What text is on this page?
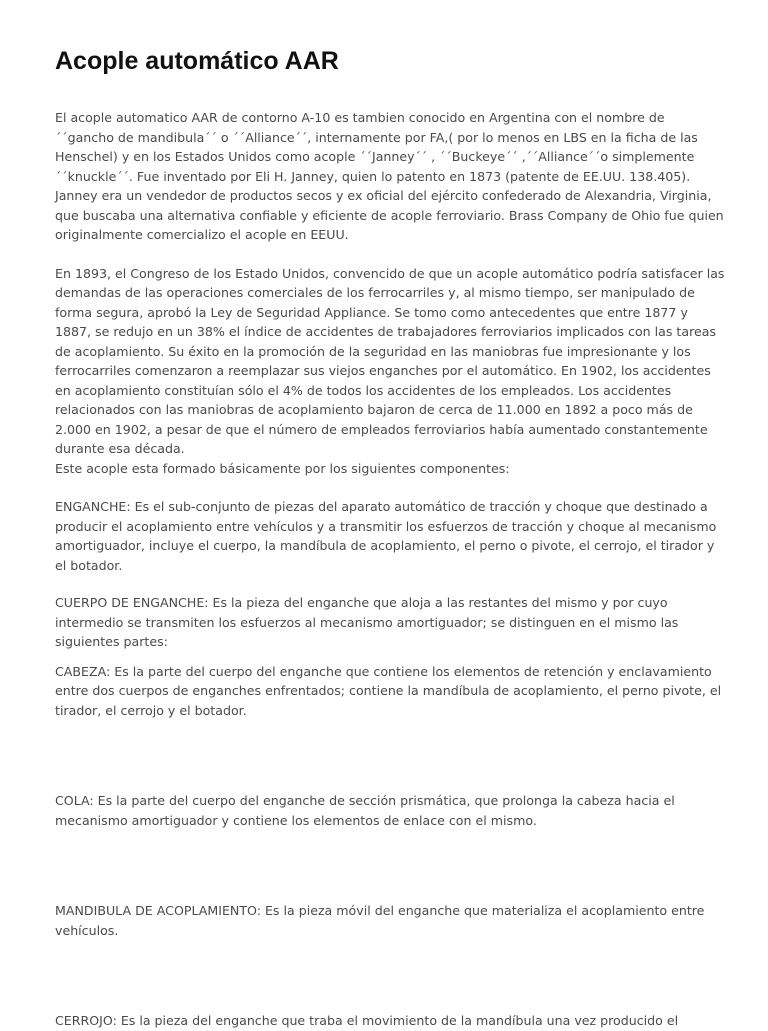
Acople automático AAR

El acople automatico AAR de contorno A-10 es tambien conocido en Argentina con el nombre de ´´gancho de mandibula´´ o ´´Alliance´´, internamente por FA,( por lo menos en LBS en la ficha de las Henschel) y en los Estados Unidos como acople ´´Janney´´ , ´´Buckeye´´ ,´´Alliance´´o simplemente ´´knuckle´´. Fue inventado por Eli H. Janney, quien lo patento en 1873 (patente de EE.UU. 138.405). Janney era un vendedor de productos secos y ex oficial del ejército confederado de Alexandria, Virginia, que buscaba una alternativa confiable y eficiente de acople ferroviario. Brass Company de Ohio fue quien originalmente comercializo el acople en EEUU.

En 1893, el Congreso de los Estado Unidos, convencido de que un acople automático podría satisfacer las demandas de las operaciones comerciales de los ferrocarriles y, al mismo tiempo, ser manipulado de forma segura, aprobó la Ley de Seguridad Appliance. Se tomo como antecedentes que entre 1877 y 1887, se redujo en un 38% el índice de accidentes de trabajadores ferroviarios implicados con las tareas de acoplamiento. Su éxito en la promoción de la seguridad en las maniobras fue impresionante y los ferrocarriles comenzaron a reemplazar sus viejos enganches por el automático. En 1902, los accidentes en acoplamiento constituían sólo el 4% de todos los accidentes de los empleados. Los accidentes relacionados con las maniobras de acoplamiento bajaron de cerca de 11.000 en 1892 a poco más de 2.000 en 1902, a pesar de que el número de empleados ferroviarios había aumentado constantemente durante esa década.

Este acople esta formado básicamente por los siguientes componentes:

ENGANCHE: Es el sub-conjunto de piezas del aparato automático de tracción y choque que destinado a producir el acoplamiento entre vehículos y a transmitir los esfuerzos de tracción y choque al mecanismo amortiguador, incluye el cuerpo, la mandíbula de acoplamiento, el perno o pivote, el cerrojo, el tirador y el botador.

CUERPO DE ENGANCHE: Es la pieza del enganche que aloja a las restantes del mismo y por cuyo intermedio se transmiten los esfuerzos al mecanismo amortiguador; se distinguen en el mismo las siguientes partes:

CABEZA: Es la parte del cuerpo del enganche que contiene los elementos de retención y enclavamiento entre dos cuerpos de enganches enfrentados; contiene la mandíbula de acoplamiento, el perno pivote, el tirador, el cerrojo y el botador.

COLA: Es la parte del cuerpo del enganche de sección prismática, que prolonga la cabeza hacia el mecanismo amortiguador y contiene los elementos de enlace con el mismo.

MANDIBULA DE ACOPLAMIENTO: Es la pieza móvil del enganche que materializa el acoplamiento entre vehículos.

CERROJO: Es la pieza del enganche que traba el movimiento de la mandíbula una vez producido el
